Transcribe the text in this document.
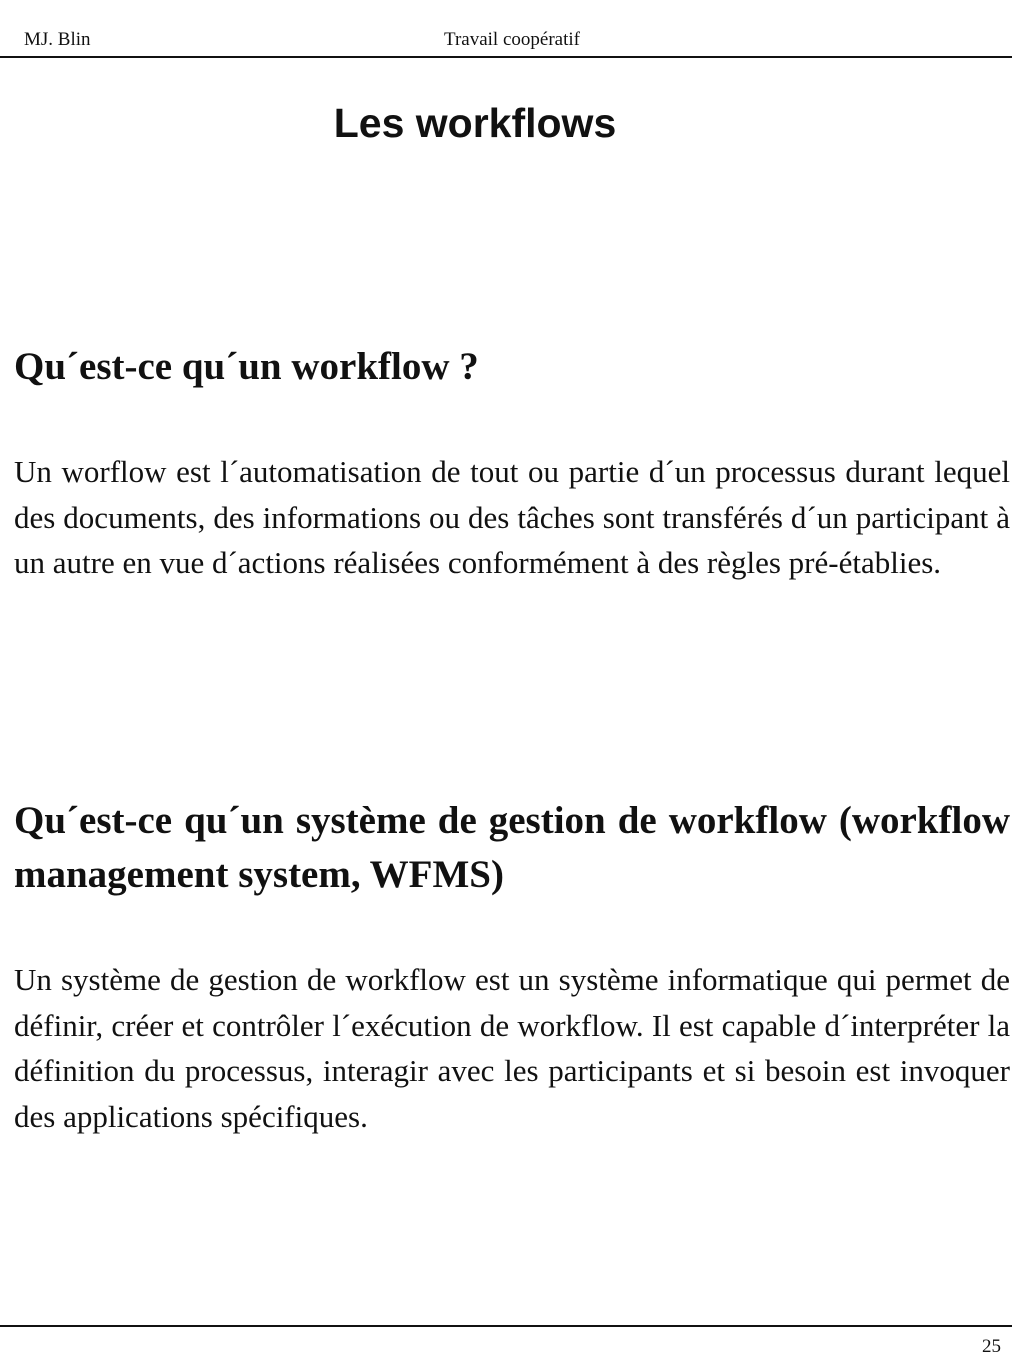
MJ. Blin	Travail coopératif
Les workflows
Qu´est-ce qu´un workflow ?
Un worflow est l´automatisation de tout ou partie d´un processus durant lequel des documents, des informations ou des tâches sont transférés d´un participant à un autre en vue d´actions réalisées conformément à des règles pré-établies.
Qu´est-ce qu´un système de gestion de workflow (workflow management system, WFMS)
Un système de gestion de workflow est un système informatique qui permet de définir, créer et contrôler l´exécution de workflow. Il est capable d´interpréter la définition du processus, interagir avec les participants et si besoin est invoquer des applications spécifiques.
25
